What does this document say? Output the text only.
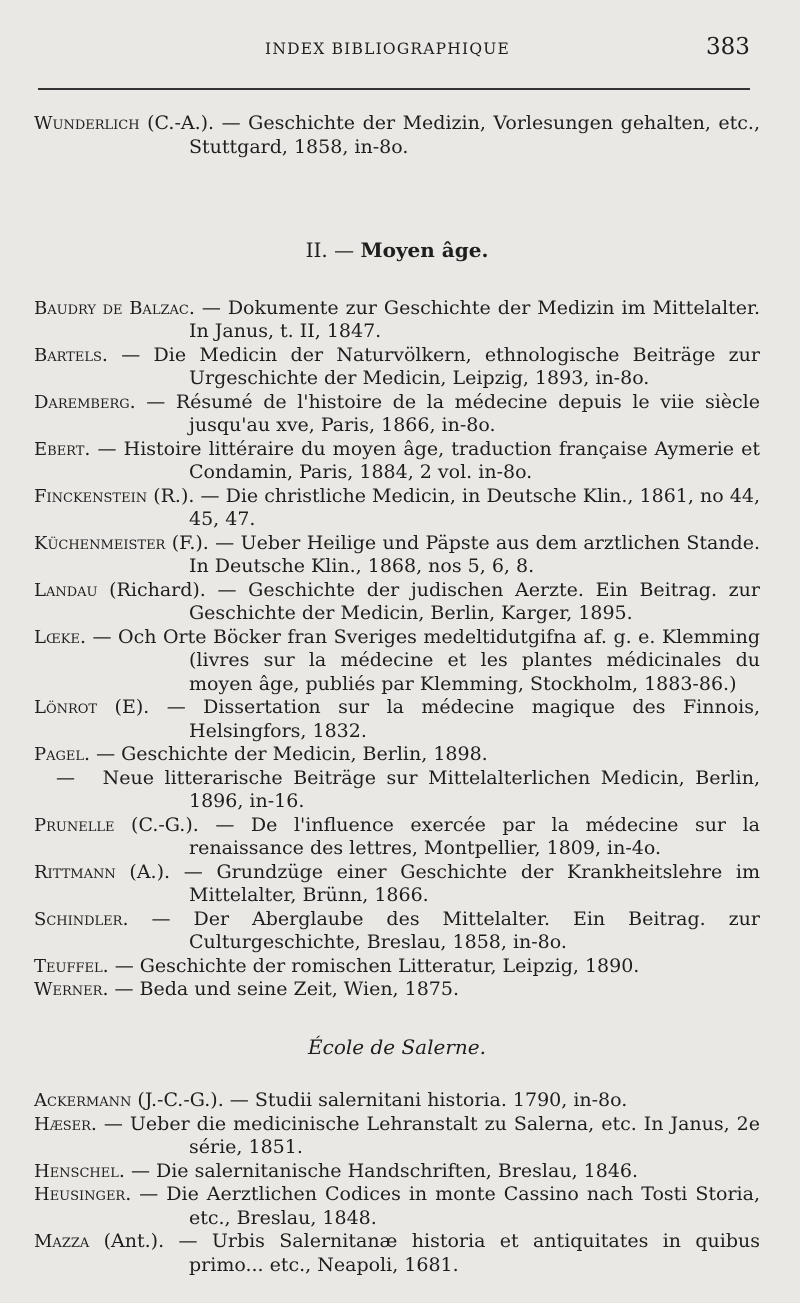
INDEX BIBLIOGRAPHIQUE	383

Wunderlich (C.-A.). — Geschichte der Medizin, Vorlesungen gehalten, etc., Stuttgard, 1858, in-8o.

II. — Moyen âge.

Baudry de Balzac. — Dokumente zur Geschichte der Medizin im Mittelalter. In Janus, t. II, 1847.

Bartels. — Die Medicin der Naturvölkern, ethnologische Beiträge zur Urgeschichte der Medicin, Leipzig, 1893, in-8o.

Daremberg. — Résumé de l'histoire de la médecine depuis le viie siècle jusqu'au xve, Paris, 1866, in-8o.

Ebert. — Histoire littéraire du moyen âge, traduction française Aymerie et Condamin, Paris, 1884, 2 vol. in-8o.

Finckenstein (R.). — Die christliche Medicin, in Deutsche Klin., 1861, no 44, 45, 47.

Küchenmeister (F.). — Ueber Heilige und Päpste aus dem arztlichen Stande. In Deutsche Klin., 1868, nos 5, 6, 8.

Landau (Richard). — Geschichte der judischen Aerzte. Ein Beitrag. zur Geschichte der Medicin, Berlin, Karger, 1895.

Lœke. — Och Orte Böcker fran Sveriges medeltidutgifna af. g. e. Klemming (livres sur la médecine et les plantes médicinales du moyen âge, publiés par Klemming, Stockholm, 1883-86.)

Lönrot (E). — Dissertation sur la médecine magique des Finnois, Helsingfors, 1832.

Pagel. — Geschichte der Medicin, Berlin, 1898.

— Neue litterarische Beiträge sur Mittelalterlichen Medicin, Berlin, 1896, in-16.

Prunelle (C.-G.). — De l'influence exercée par la médecine sur la renaissance des lettres, Montpellier, 1809, in-4o.

Rittmann (A.). — Grundzüge einer Geschichte der Krankheitslehre im Mittelalter, Brünn, 1866.

Schindler. — Der Aberglaube des Mittelalter. Ein Beitrag. zur Culturgeschichte, Breslau, 1858, in-8o.

Teuffel. — Geschichte der romischen Litteratur, Leipzig, 1890.

Werner. — Beda und seine Zeit, Wien, 1875.

École de Salerne.

Ackermann (J.-C.-G.). — Studii salernitani historia. 1790, in-8o.

Hæser. — Ueber die medicinische Lehranstalt zu Salerna, etc. In Janus, 2e série, 1851.

Henschel. — Die salernitanische Handschriften, Breslau, 1846.

Heusinger. — Die Aerztlichen Codices in monte Cassino nach Tosti Storia, etc., Breslau, 1848.

Mazza (Ant.). — Urbis Salernitanæ historia et antiquitates in quibus primo... etc., Neapoli, 1681.
